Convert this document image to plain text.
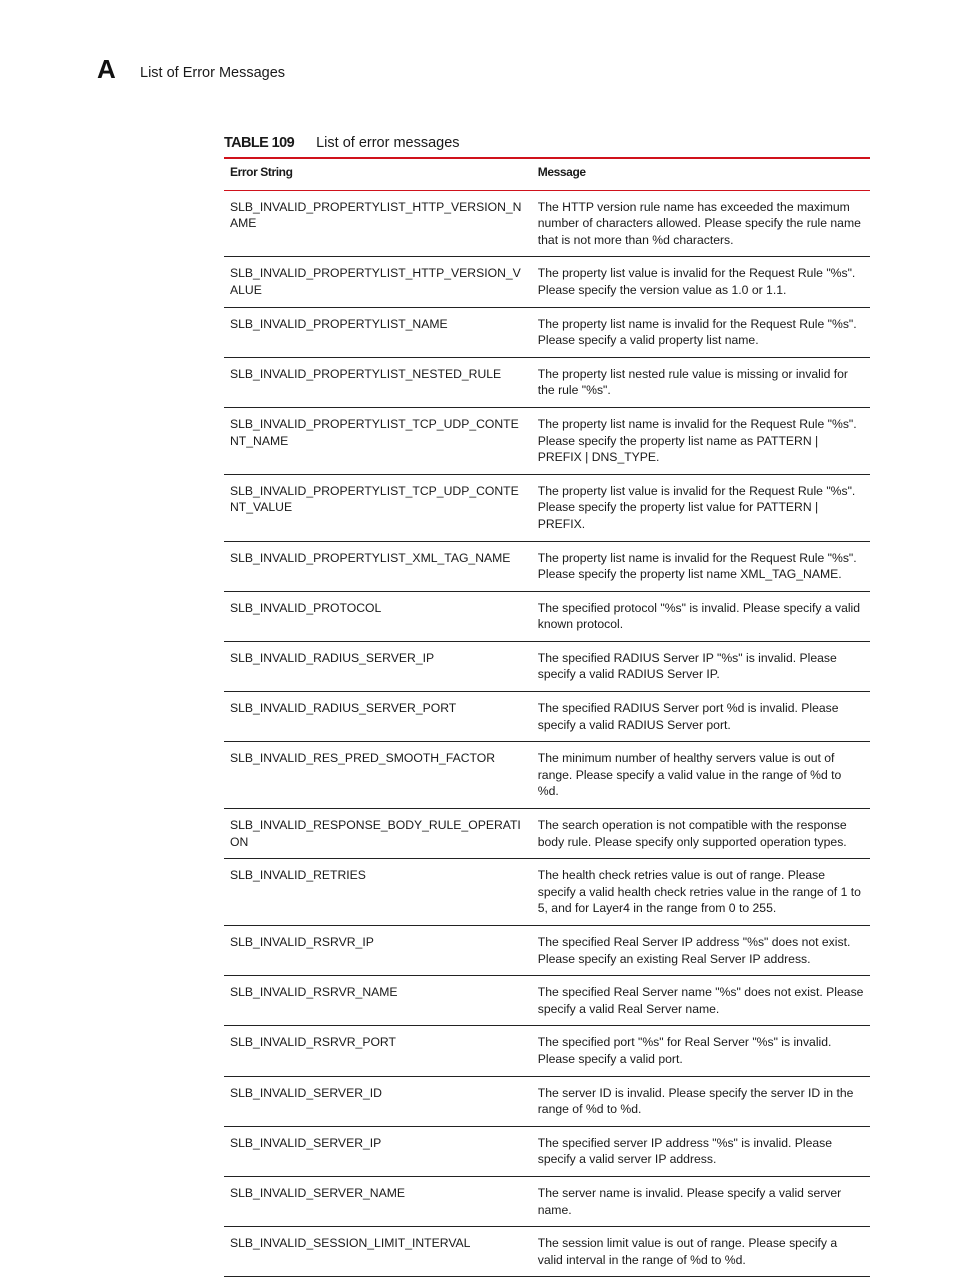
A List of Error Messages
TABLE 109 List of error messages
Error String	Message
SLB_INVALID_PROPERTYLIST_HTTP_VERSION_NAME	The HTTP version rule name has exceeded the maximum number of characters allowed. Please specify the rule name that is not more than %d characters.
SLB_INVALID_PROPERTYLIST_HTTP_VERSION_VALUE	The property list value is invalid for the Request Rule "%s". Please specify the version value as 1.0 or 1.1.
SLB_INVALID_PROPERTYLIST_NAME	The property list name is invalid for the Request Rule "%s". Please specify a valid property list name.
SLB_INVALID_PROPERTYLIST_NESTED_RULE	The property list nested rule value is missing or invalid for the rule "%s".
SLB_INVALID_PROPERTYLIST_TCP_UDP_CONTENT_NAME	The property list name is invalid for the Request Rule "%s". Please specify the property list name as PATTERN | PREFIX | DNS_TYPE.
SLB_INVALID_PROPERTYLIST_TCP_UDP_CONTENT_VALUE	The property list value is invalid for the Request Rule "%s". Please specify the property list value for PATTERN | PREFIX.
SLB_INVALID_PROPERTYLIST_XML_TAG_NAME	The property list name is invalid for the Request Rule "%s". Please specify the property list name XML_TAG_NAME.
SLB_INVALID_PROTOCOL	The specified protocol "%s" is invalid. Please specify a valid known protocol.
SLB_INVALID_RADIUS_SERVER_IP	The specified RADIUS Server IP "%s" is invalid. Please specify a valid RADIUS Server IP.
SLB_INVALID_RADIUS_SERVER_PORT	The specified RADIUS Server port %d is invalid. Please specify a valid RADIUS Server port.
SLB_INVALID_RES_PRED_SMOOTH_FACTOR	The minimum number of healthy servers value is out of range. Please specify a valid value in the range of %d to %d.
SLB_INVALID_RESPONSE_BODY_RULE_OPERATION	The search operation is not compatible with the response body rule. Please specify only supported operation types.
SLB_INVALID_RETRIES	The health check retries value is out of range. Please specify a valid health check retries value in the range of 1 to 5, and for Layer4 in the range from 0 to 255.
SLB_INVALID_RSRVR_IP	The specified Real Server IP address "%s" does not exist. Please specify an existing Real Server IP address.
SLB_INVALID_RSRVR_NAME	The specified Real Server name "%s" does not exist. Please specify a valid Real Server name.
SLB_INVALID_RSRVR_PORT	The specified port "%s" for Real Server "%s" is invalid. Please specify a valid port.
SLB_INVALID_SERVER_ID	The server ID is invalid. Please specify the server ID in the range of %d to %d.
SLB_INVALID_SERVER_IP	The specified server IP address "%s" is invalid. Please specify a valid server IP address.
SLB_INVALID_SERVER_NAME	The server name is invalid. Please specify a valid server name.
SLB_INVALID_SESSION_LIMIT_INTERVAL	The session limit value is out of range. Please specify a valid interval in the range of %d to %d.
